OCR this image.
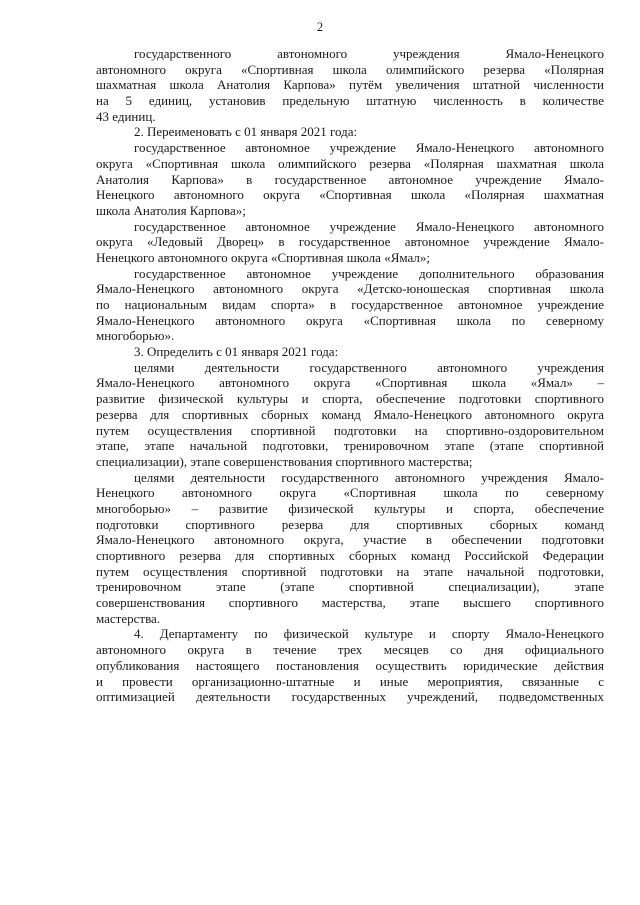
2
государственного автономного учреждения Ямало-Ненецкого
автономного округа «Спортивная школа олимпийского резерва «Полярная
шахматная школа Анатолия Карпова» путём увеличения штатной численности
на 5 единиц, установив предельную штатную численность в количестве
43 единиц.
2. Переименовать с 01 января 2021 года:
государственное автономное учреждение Ямало-Ненецкого автономного
округа «Спортивная школа олимпийского резерва «Полярная шахматная школа
Анатолия Карпова» в государственное автономное учреждение Ямало-
Ненецкого автономного округа «Спортивная школа «Полярная шахматная
школа Анатолия Карпова»;
государственное автономное учреждение Ямало-Ненецкого автономного
округа «Ледовый Дворец» в государственное автономное учреждение Ямало-
Ненецкого автономного округа «Спортивная школа «Ямал»;
государственное автономное учреждение дополнительного образования
Ямало-Ненецкого автономного округа «Детско-юношеская спортивная школа
по национальным видам спорта» в государственное автономное учреждение
Ямало-Ненецкого автономного округа «Спортивная школа по северному
многоборью».
3. Определить с 01 января 2021 года:
целями деятельности государственного автономного учреждения
Ямало-Ненецкого автономного округа «Спортивная школа «Ямал» –
развитие физической культуры и спорта, обеспечение подготовки спортивного
резерва для спортивных сборных команд Ямало-Ненецкого автономного округа
путем осуществления спортивной подготовки на спортивно-оздоровительном
этапе, этапе начальной подготовки, тренировочном этапе (этапе спортивной
специализации), этапе совершенствования спортивного мастерства;
целями деятельности государственного автономного учреждения Ямало-
Ненецкого автономного округа «Спортивная школа по северному
многоборью» – развитие физической культуры и спорта, обеспечение
подготовки спортивного резерва для спортивных сборных команд
Ямало-Ненецкого автономного округа, участие в обеспечении подготовки
спортивного резерва для спортивных сборных команд Российской Федерации
путем осуществления спортивной подготовки на этапе начальной подготовки,
тренировочном этапе (этапе спортивной специализации), этапе
совершенствования спортивного мастерства, этапе высшего спортивного
мастерства.
4. Департаменту по физической культуре и спорту Ямало-Ненецкого
автономного округа в течение трех месяцев со дня официального
опубликования настоящего постановления осуществить юридические действия
и провести организационно-штатные и иные мероприятия, связанные с
оптимизацией деятельности государственных учреждений, подведомственных
